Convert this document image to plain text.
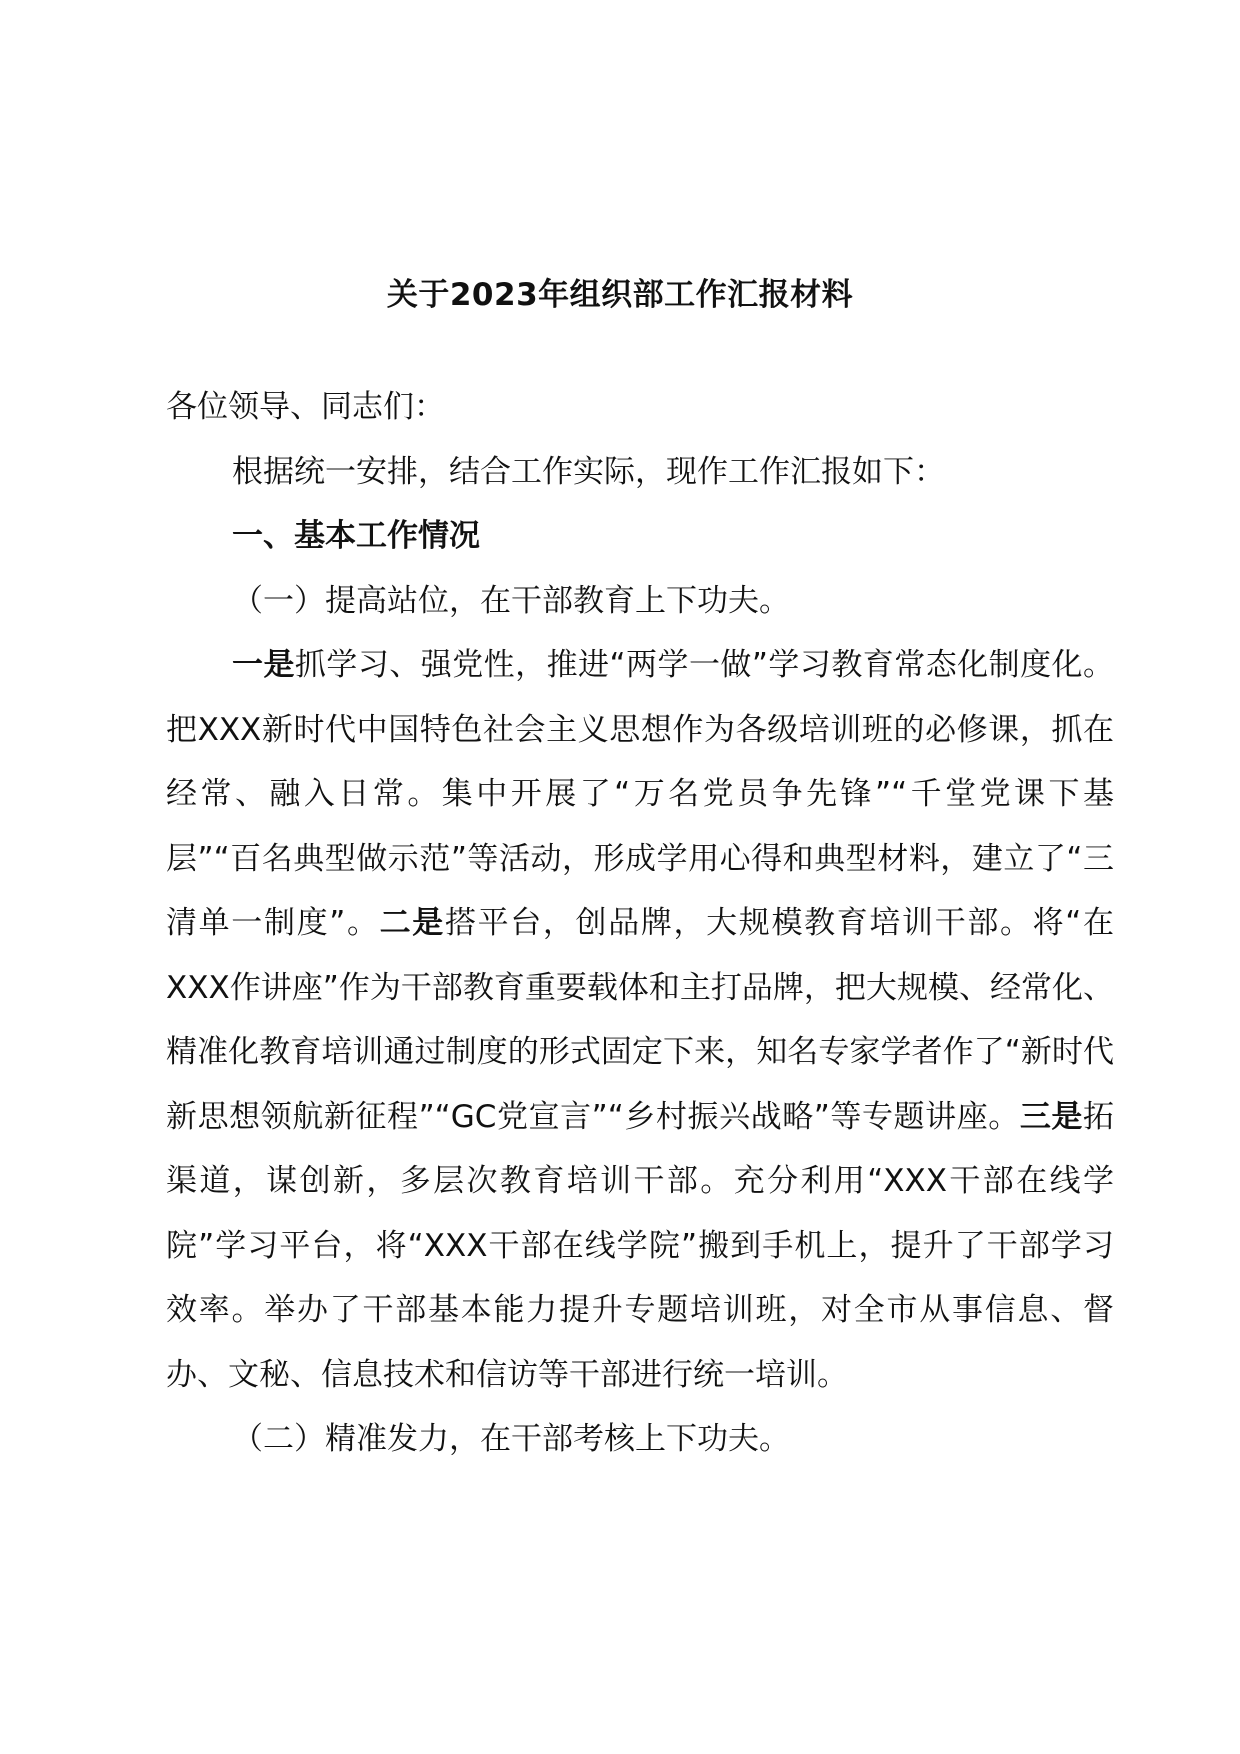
关于2023年组织部工作汇报材料

各位领导、同志们：

根据统一安排，结合工作实际，现作工作汇报如下：

一、基本工作情况

（一）提高站位，在干部教育上下功夫。

一是抓学习、强党性，推进“两学一做”学习教育常态化制度化。把XXX新时代中国特色社会主义思想作为各级培训班的必修课，抓在经常、融入日常。集中开展了“万名党员争先锋”“千堂党课下基层”“百名典型做示范”等活动，形成学用心得和典型材料，建立了“三清单一制度”。二是搭平台，创品牌，大规模教育培训干部。将“在XXX作讲座”作为干部教育重要载体和主打品牌，把大规模、经常化、精准化教育培训通过制度的形式固定下来，知名专家学者作了“新时代新思想领航新征程”“GC党宣言”“乡村振兴战略”等专题讲座。三是拓渠道，谋创新，多层次教育培训干部。充分利用“XXX干部在线学院”学习平台，将“XXX干部在线学院”搬到手机上，提升了干部学习效率。举办了干部基本能力提升专题培训班，对全市从事信息、督办、文秘、信息技术和信访等干部进行统一培训。

（二）精准发力，在干部考核上下功夫。
